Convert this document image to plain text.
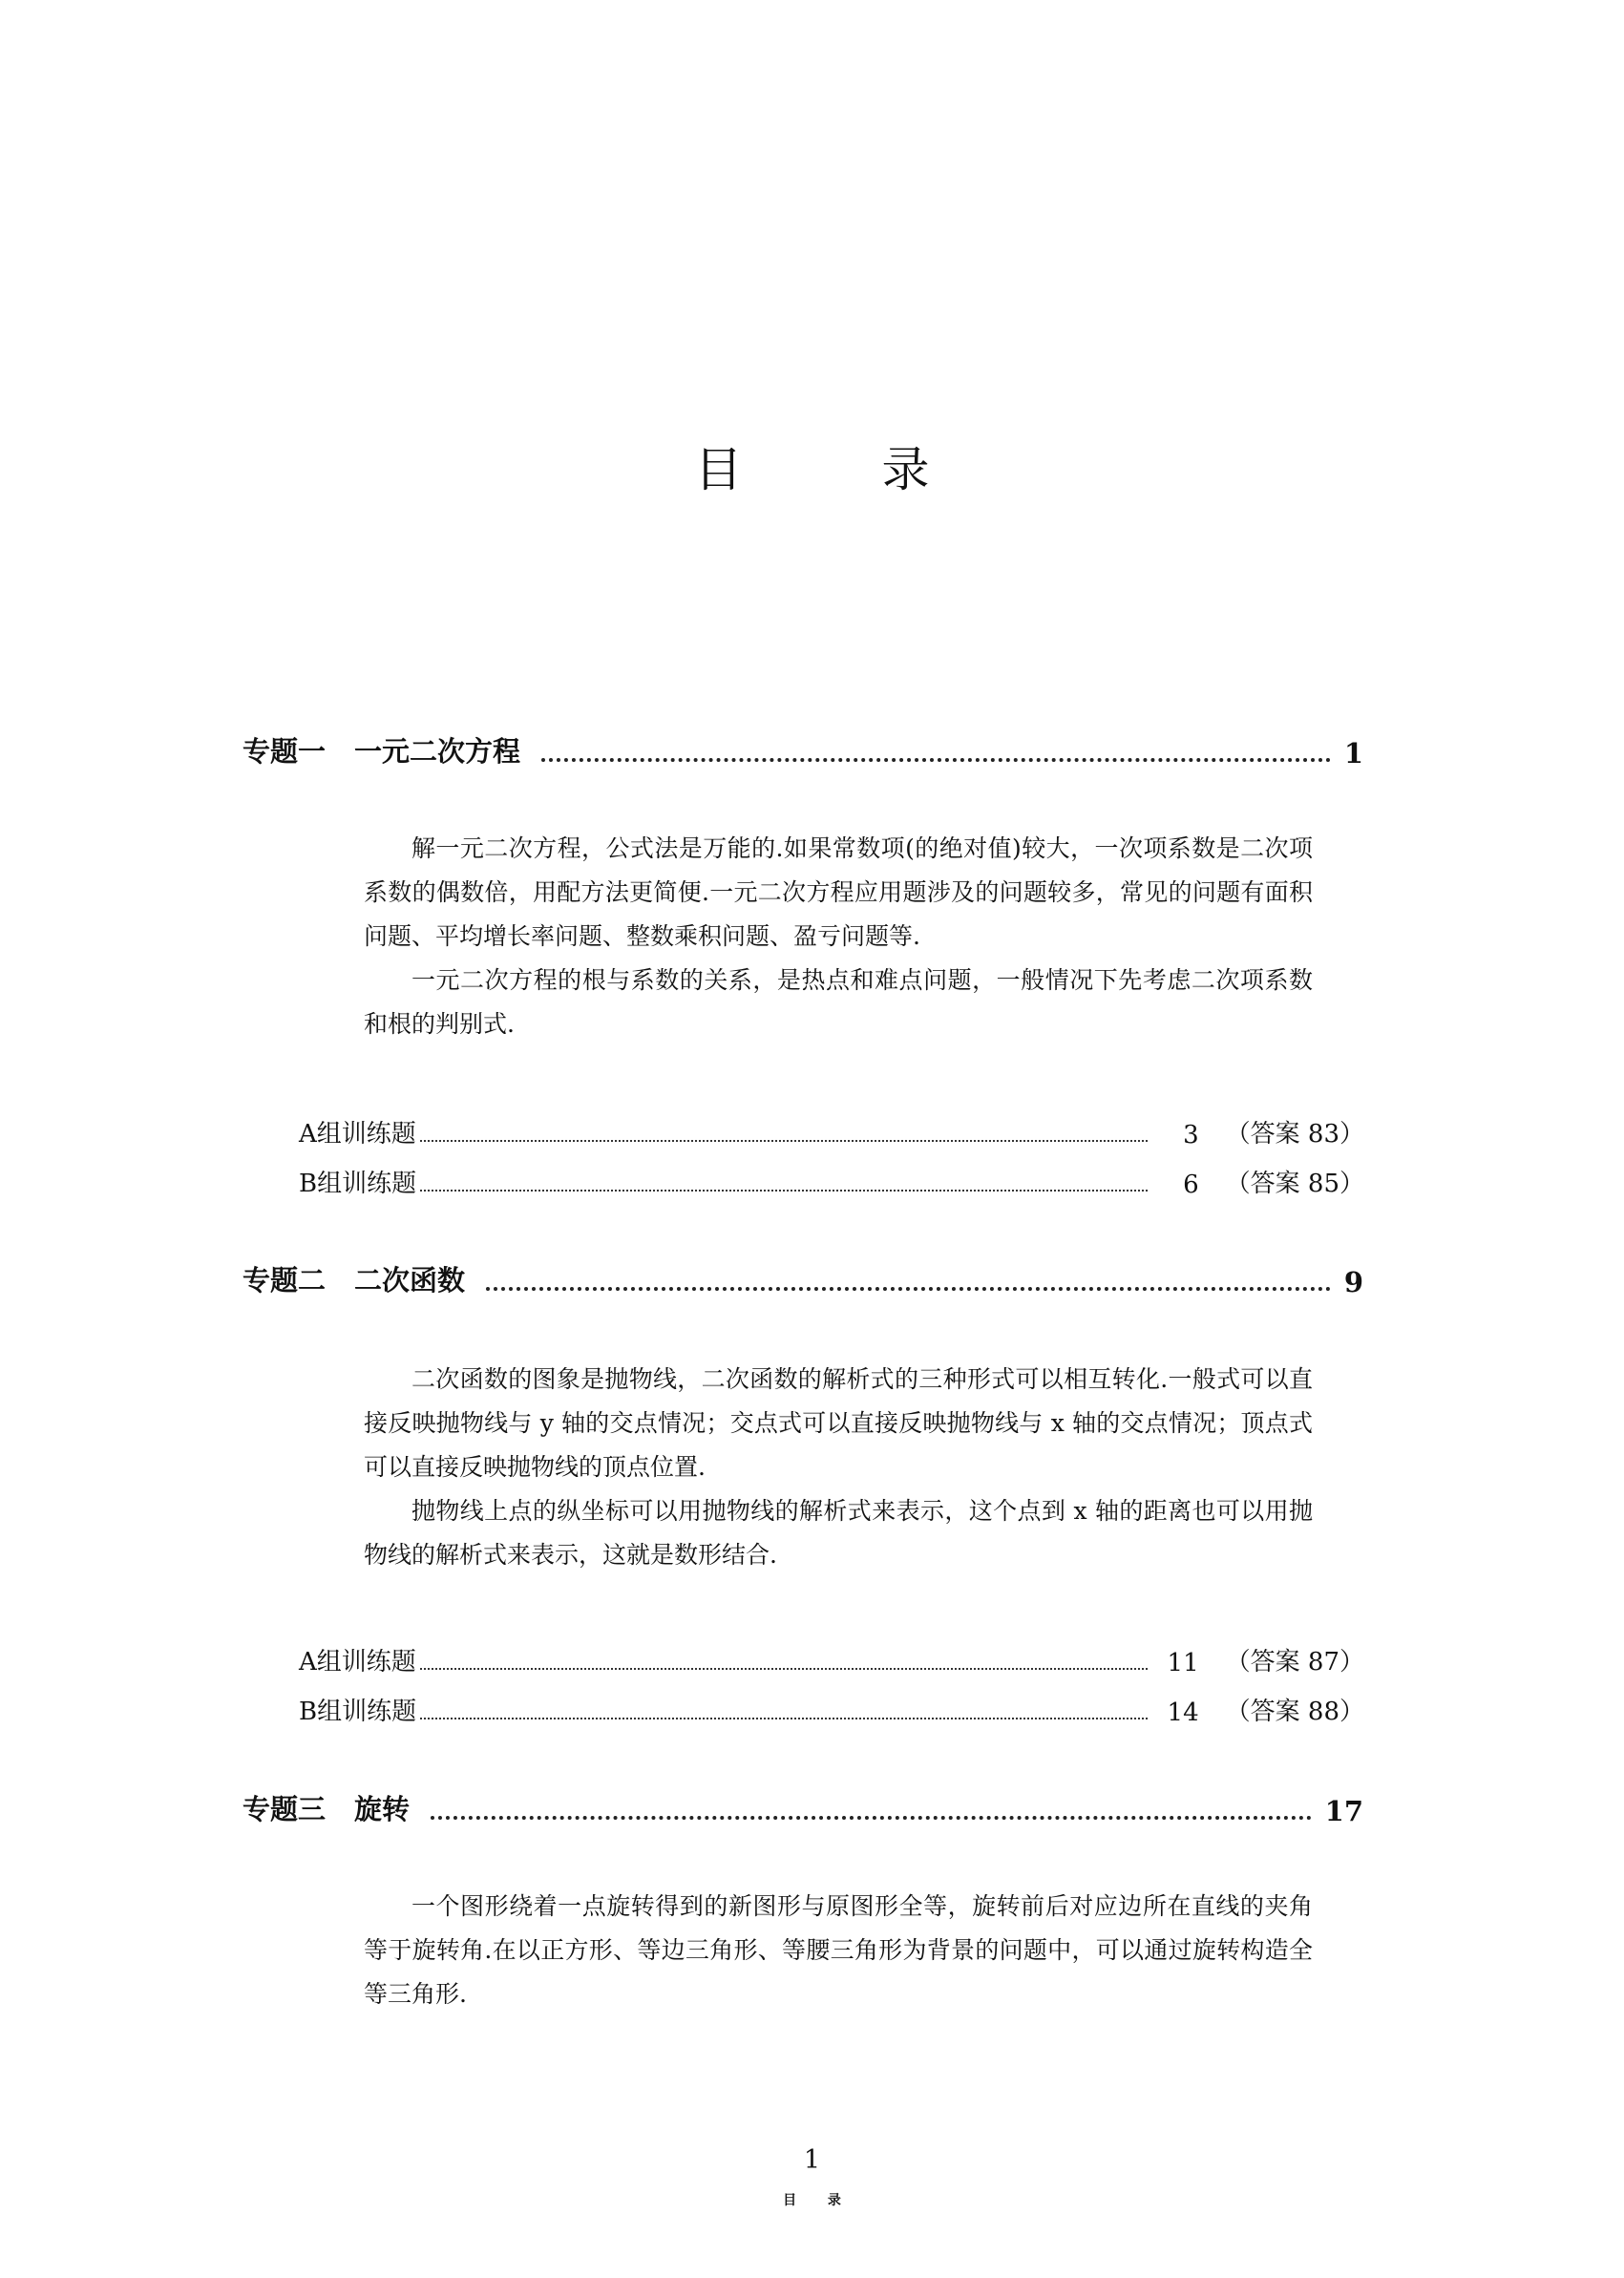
目　录
专题一 一元二次方程	1

解一元二次方程，公式法是万能的.如果常数项(的绝对值)较大，一次项系数是二次项系数的偶数倍，用配方法更简便.一元二次方程应用题涉及的问题较多，常见的问题有面积问题、平均增长率问题、整数乘积问题、盈亏问题等.

一元二次方程的根与系数的关系，是热点和难点问题，一般情况下先考虑二次项系数和根的判别式.

A组训练题	3 （答案 83）
B组训练题	6 （答案 85）
专题二 二次函数	9

二次函数的图象是抛物线，二次函数的解析式的三种形式可以相互转化.一般式可以直接反映抛物线与 y 轴的交点情况；交点式可以直接反映抛物线与 x 轴的交点情况；顶点式可以直接反映抛物线的顶点位置.

抛物线上点的纵坐标可以用抛物线的解析式来表示，这个点到 x 轴的距离也可以用抛物线的解析式来表示，这就是数形结合.

A组训练题	11 （答案 87）
B组训练题	14 （答案 88）
专题三 旋转	17

一个图形绕着一点旋转得到的新图形与原图形全等，旋转前后对应边所在直线的夹角等于旋转角.在以正方形、等边三角形、等腰三角形为背景的问题中，可以通过旋转构造全等三角形.

1
目 录
